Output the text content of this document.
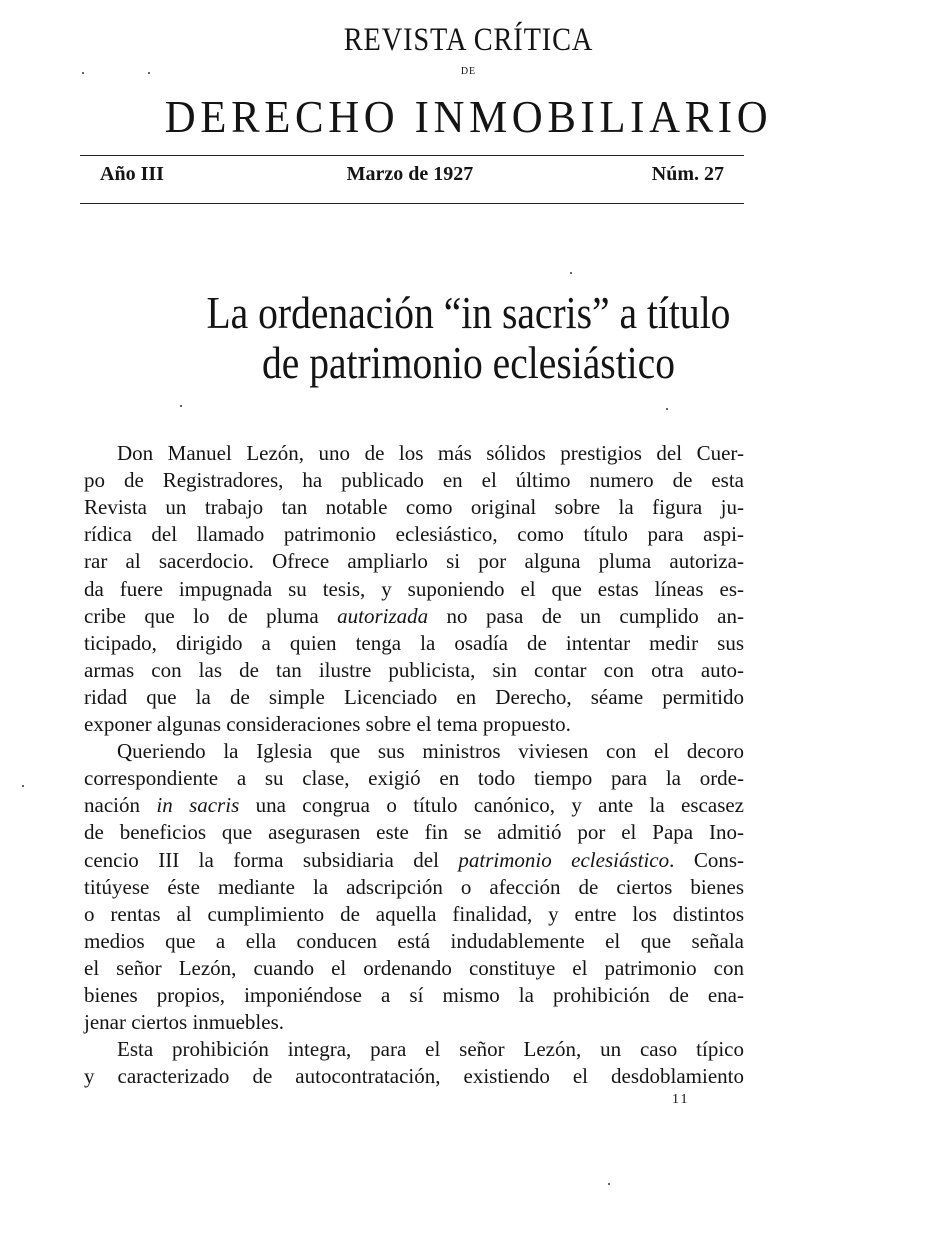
REVISTA CRÍTICA
DE
DERECHO INMOBILIARIO
Año III	Marzo de 1927	Núm. 27
La ordenación “in sacris” a título
de patrimonio eclesiástico
Don Manuel Lezón, uno de los más sólidos prestigios del Cuer-
po de Registradores, ha publicado en el último numero de esta
Revista un trabajo tan notable como original sobre la figura ju-
rídica del llamado patrimonio eclesiástico, como título para aspi-
rar al sacerdocio. Ofrece ampliarlo si por alguna pluma autoriza-
da fuere impugnada su tesis, y suponiendo el que estas líneas es-
cribe que lo de pluma autorizada no pasa de un cumplido an-
ticipado, dirigido a quien tenga la osadía de intentar medir sus
armas con las de tan ilustre publicista, sin contar con otra auto-
ridad que la de simple Licenciado en Derecho, séame permitido
exponer algunas consideraciones sobre el tema propuesto.
Queriendo la Iglesia que sus ministros viviesen con el decoro
correspondiente a su clase, exigió en todo tiempo para la orde-
nación in sacris una congrua o título canónico, y ante la escasez
de beneficios que asegurasen este fin se admitió por el Papa Ino-
cencio III la forma subsidiaria del patrimonio eclesiástico. Cons-
titúyese éste mediante la adscripción o afección de ciertos bienes
o rentas al cumplimiento de aquella finalidad, y entre los distintos
medios que a ella conducen está indudablemente el que señala
el señor Lezón, cuando el ordenando constituye el patrimonio con
bienes propios, imponiéndose a sí mismo la prohibición de ena-
jenar ciertos inmuebles.
Esta prohibición integra, para el señor Lezón, un caso típico
y caracterizado de autocontratación, existiendo el desdoblamiento
11
